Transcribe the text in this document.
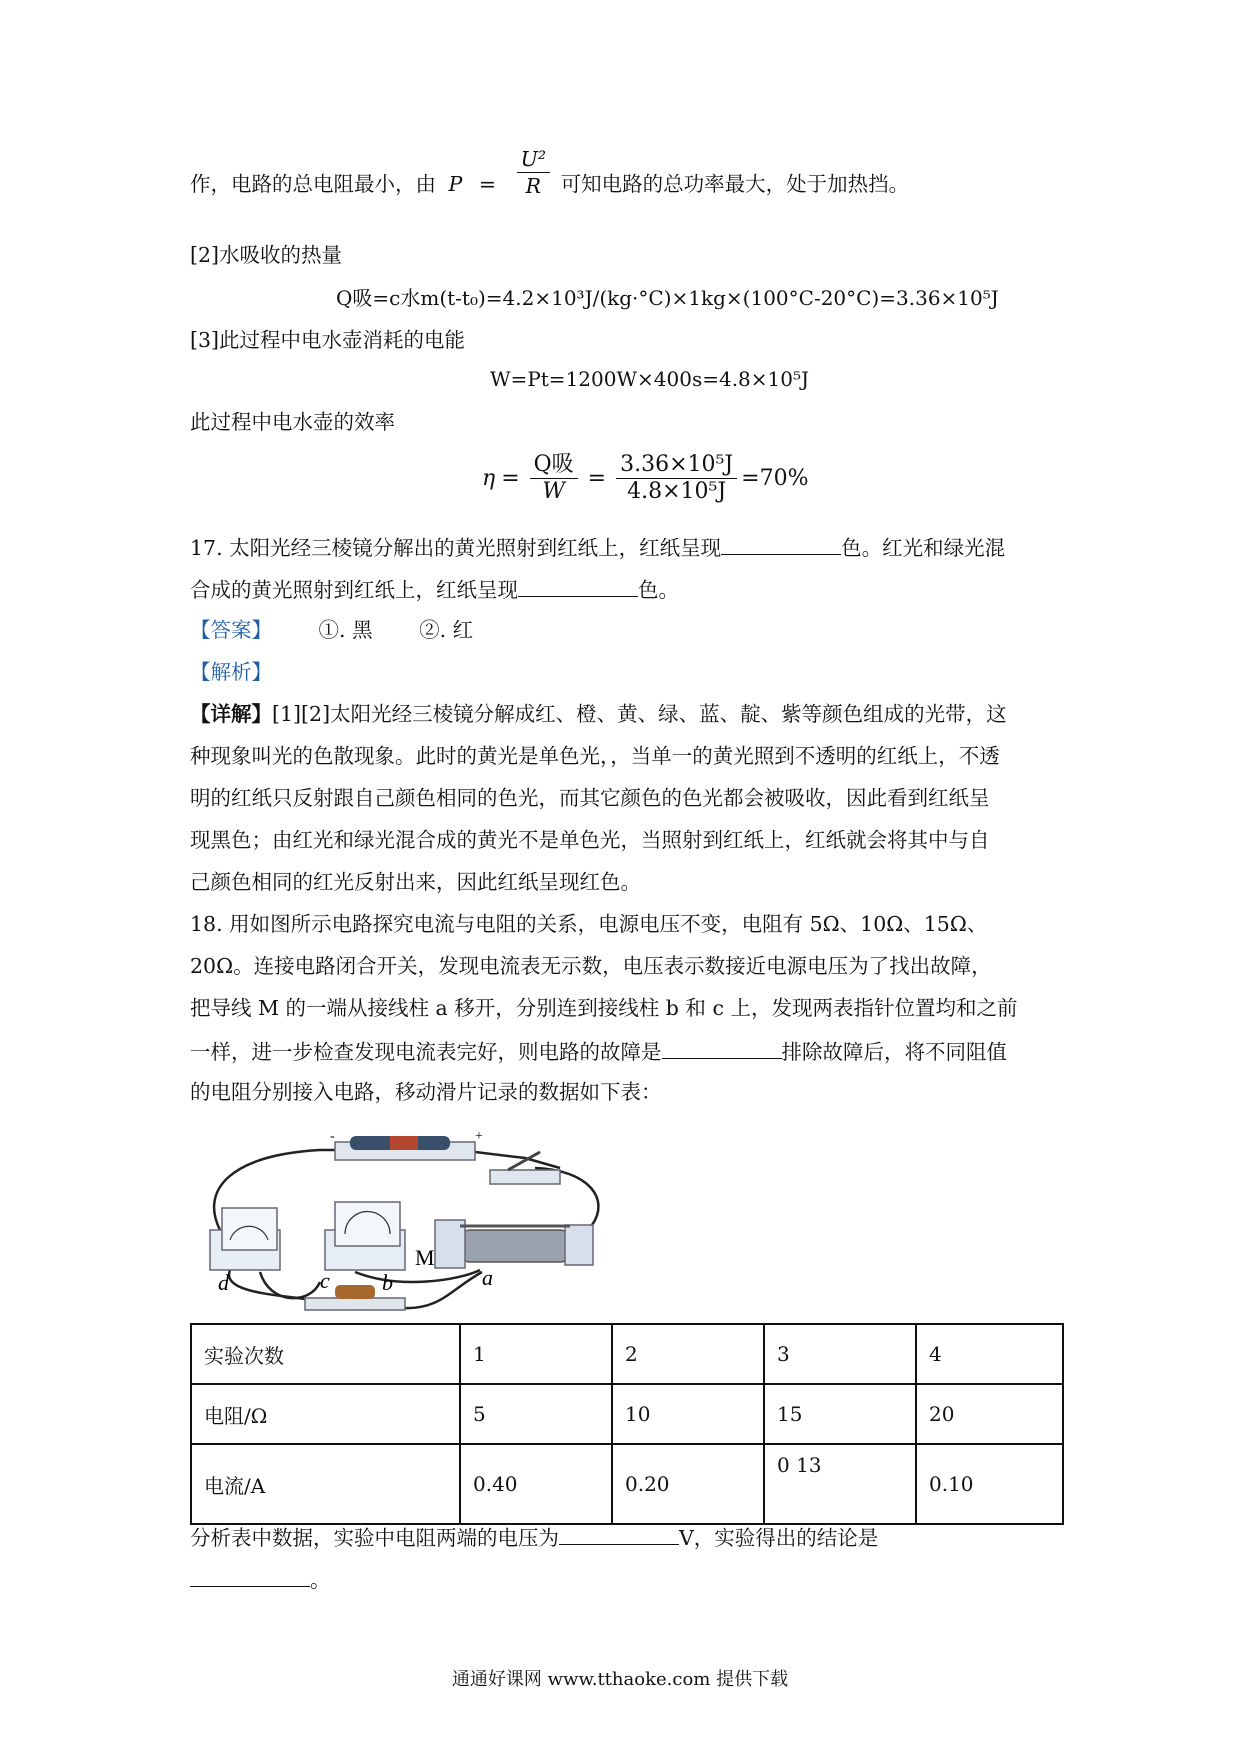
作，电路的总电阻最小，由 $P = \frac{\text{U²}}{R}$ 可知电路的总功率最大，处于加热挡。
[2]水吸收的热量
Q吸=c水m(t-t₀)=4.2×10³J/(kg·°C)×1kg×(100°C-20°C)=3.36×10⁵J
[3]此过程中电水壶消耗的电能
W=Pt=1200W×400s=4.8×10⁵J
此过程中电水壶的效率
$\eta = \frac{\text{Q吸}}{W} = \frac{\text{3.36×10⁵J}}{\text{4.8×10⁵J}} =70\%$
17. 太阳光经三棱镜分解出的黄光照射到红纸上，红纸呈现	色。红光和绿光混
合成的黄光照射到红纸上，红纸呈现	色。
【答案】 ①. 黑 ②. 红
【解析】
【详解】[1][2]太阳光经三棱镜分解成红、橙、黄、绿、蓝、靛、紫等颜色组成的光带，这
种现象叫光的色散现象。此时的黄光是单色光，，当单一的黄光照到不透明的红纸上，不透
明的红纸只反射跟自己颜色相同的色光，而其它颜色的色光都会被吸收，因此看到红纸呈
现黑色；由红光和绿光混合成的黄光不是单色光，当照射到红纸上，红纸就会将其中与自
己颜色相同的红光反射出来，因此红纸呈现红色。
18. 用如图所示电路探究电流与电阻的关系，电源电压不变，电阻有 5Ω、10Ω、15Ω、
20Ω。连接电路闭合开关，发现电流表无示数，电压表示数接近电源电压为了找出故障，
把导线 M 的一端从接线柱 a 移开，分别连到接线柱 b 和 c 上，发现两表指针位置均和之前
一样，进一步检查发现电流表完好，则电路的故障是	排除故障后，将不同阻值
的电阻分别接入电路，移动滑片记录的数据如下表：
-	+
d	c b
M
a
实验次数	1	2	3	4
电阻/Ω	5	10	15	20
电流/A	0.40	0.20	0 13	0.10
分析表中数据，实验中电阻两端的电压为	V，实验得出的结论是
。
通通好课网 www.tthaoke.com 提供下载
